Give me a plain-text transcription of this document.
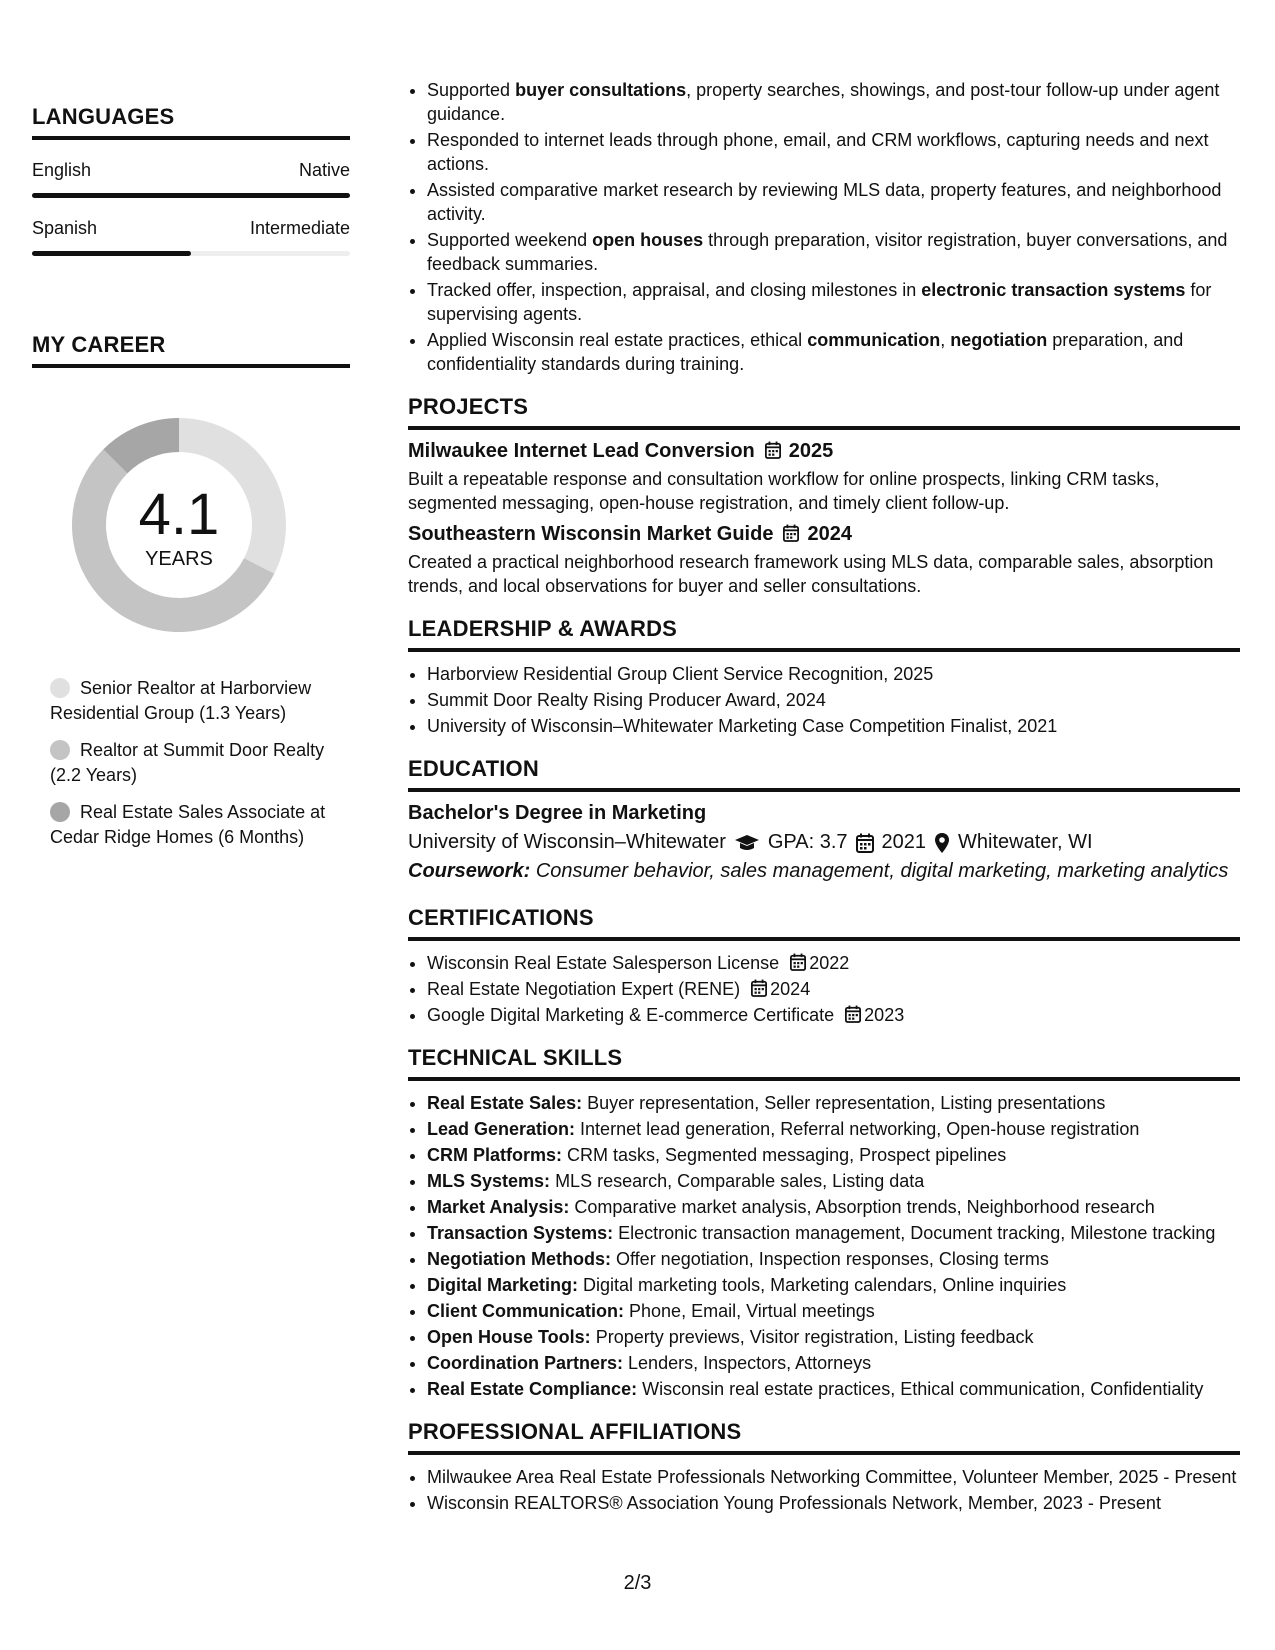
LANGUAGES
English	Native
Spanish	Intermediate
MY CAREER
4.1
YEARS
Senior Realtor at Harborview Residential Group (1.3 Years)
Realtor at Summit Door Realty (2.2 Years)
Real Estate Sales Associate at Cedar Ridge Homes (6 Months)
• Supported buyer consultations, property searches, showings, and post-tour follow-up under agent guidance.
• Responded to internet leads through phone, email, and CRM workflows, capturing needs and next actions.
• Assisted comparative market research by reviewing MLS data, property features, and neighborhood activity.
• Supported weekend open houses through preparation, visitor registration, buyer conversations, and feedback summaries.
• Tracked offer, inspection, appraisal, and closing milestones in electronic transaction systems for supervising agents.
• Applied Wisconsin real estate practices, ethical communication, negotiation preparation, and confidentiality standards during training.
PROJECTS
Milwaukee Internet Lead Conversion 2025
Built a repeatable response and consultation workflow for online prospects, linking CRM tasks, segmented messaging, open-house registration, and timely client follow-up.
Southeastern Wisconsin Market Guide 2024
Created a practical neighborhood research framework using MLS data, comparable sales, absorption trends, and local observations for buyer and seller consultations.
LEADERSHIP & AWARDS
• Harborview Residential Group Client Service Recognition, 2025
• Summit Door Realty Rising Producer Award, 2024
• University of Wisconsin–Whitewater Marketing Case Competition Finalist, 2021
EDUCATION
Bachelor's Degree in Marketing
University of Wisconsin–Whitewater GPA: 3.7 2021 Whitewater, WI
Coursework: Consumer behavior, sales management, digital marketing, marketing analytics
CERTIFICATIONS
• Wisconsin Real Estate Salesperson License 2022
• Real Estate Negotiation Expert (RENE) 2024
• Google Digital Marketing & E-commerce Certificate 2023
TECHNICAL SKILLS
• Real Estate Sales: Buyer representation, Seller representation, Listing presentations
• Lead Generation: Internet lead generation, Referral networking, Open-house registration
• CRM Platforms: CRM tasks, Segmented messaging, Prospect pipelines
• MLS Systems: MLS research, Comparable sales, Listing data
• Market Analysis: Comparative market analysis, Absorption trends, Neighborhood research
• Transaction Systems: Electronic transaction management, Document tracking, Milestone tracking
• Negotiation Methods: Offer negotiation, Inspection responses, Closing terms
• Digital Marketing: Digital marketing tools, Marketing calendars, Online inquiries
• Client Communication: Phone, Email, Virtual meetings
• Open House Tools: Property previews, Visitor registration, Listing feedback
• Coordination Partners: Lenders, Inspectors, Attorneys
• Real Estate Compliance: Wisconsin real estate practices, Ethical communication, Confidentiality
PROFESSIONAL AFFILIATIONS
• Milwaukee Area Real Estate Professionals Networking Committee, Volunteer Member, 2025 - Present
• Wisconsin REALTORS® Association Young Professionals Network, Member, 2023 - Present
2/3
